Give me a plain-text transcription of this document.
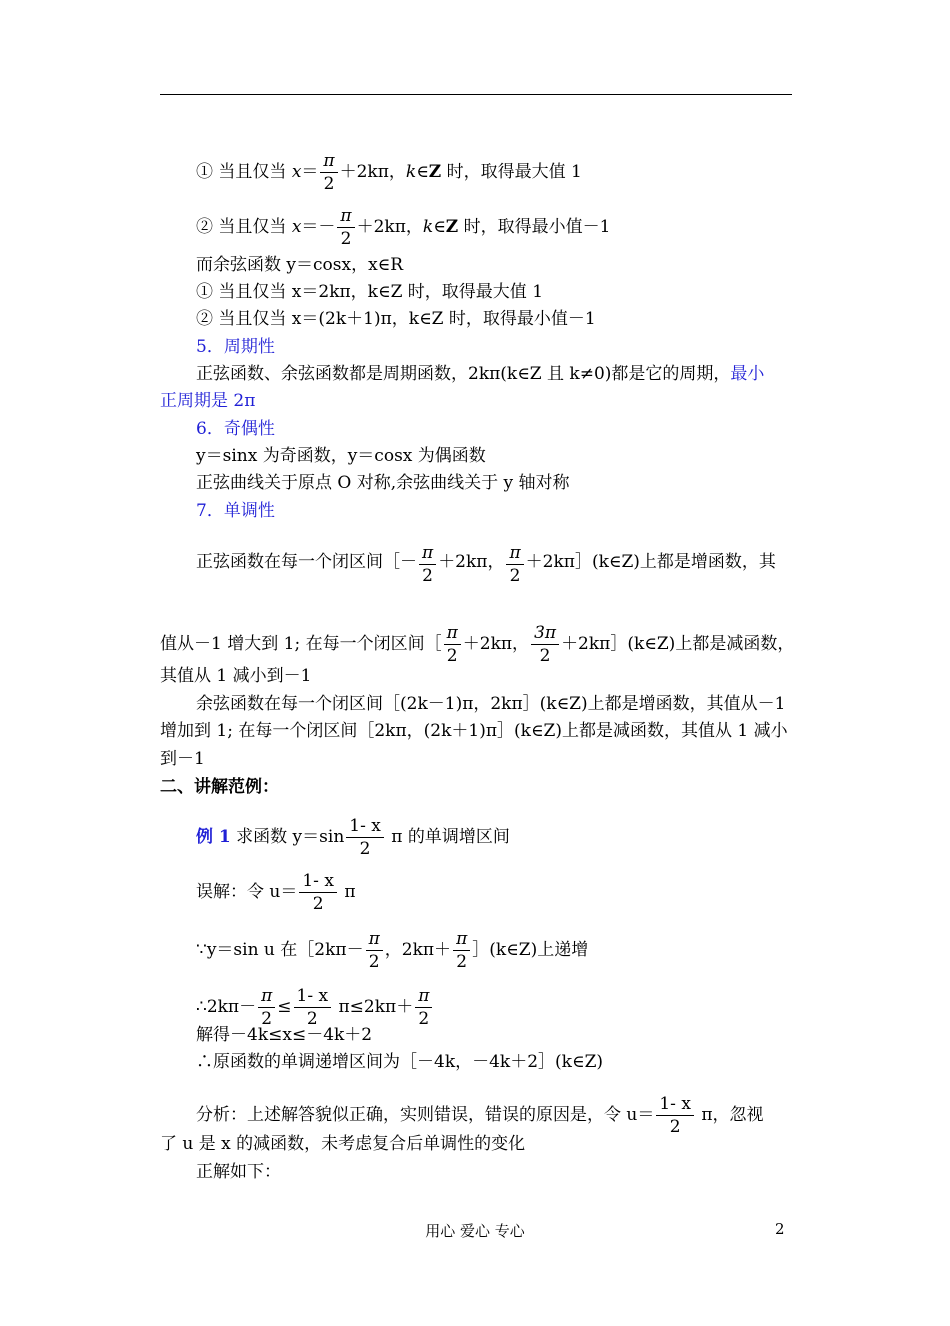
① 当且仅当 $x= \frac{\pi}{2} +2k\pi$，k∈Z 时，取得最大值 1
② 当且仅当 $x=- \frac{\pi}{2} +2k\pi$，k∈Z 时，取得最小值－1
而余弦函数 y＝cosx，x∈R
① 当且仅当 x＝2kπ，k∈Z 时，取得最大值 1
② 当且仅当 x＝(2k＋1)π，k∈Z 时，取得最小值－1
5．周期性
正弦函数、余弦函数都是周期函数，2kπ(k∈Z 且 k≠0)都是它的周期，最小
正周期是 2π
6．奇偶性
y＝sinx 为奇函数，y＝cosx 为偶函数
正弦曲线关于原点 O 对称,余弦曲线关于 y 轴对称
7．单调性
正弦函数在每一个闭区间［－ $\frac{\pi}{2} +2k\pi$， $\frac{\pi}{2}$ ＋2kπ］(k∈Z)上都是增函数，其
值从－1 增大到 1; 在每一个闭区间［ $\frac{\pi}{2} +2k\pi$， $\frac{3\pi}{2}$ ＋2kπ］(k∈Z)上都是减函数，
其值从 1 减小到－1
余弦函数在每一个闭区间［(2k－1)π，2kπ］(k∈Z)上都是增函数，其值从－1
增加到 1; 在每一个闭区间［2kπ，(2k＋1)π］(k∈Z)上都是减函数，其值从 1 减小
到－1
二、讲解范例：
例 1 求函数 $y=\sin \frac{1- x}{2}$ π 的单调增区间
误解：令 $u= \frac{1- x}{2}$ π
∵y＝sin u 在［2kπ－ $\frac{\pi}{2}$ ，$2k\pi+ \frac{\pi}{2}$ ］(k∈Z)上递增
∴2kπ－ $\frac{\pi}{2} \le \frac{1- x}{2} \pi\le 2k\pi+ \frac{\pi}{2}$
解得－4k≤x≤－4k＋2
∴原函数的单调递增区间为［－4k，－4k＋2］(k∈Z)
分析：上述解答貌似正确，实则错误，错误的原因是，令 $u= \frac{1- x}{2}$ π，忽视
了 u 是 x 的减函数，未考虑复合后单调性的变化
正解如下：
用心 爱心 专心	2
